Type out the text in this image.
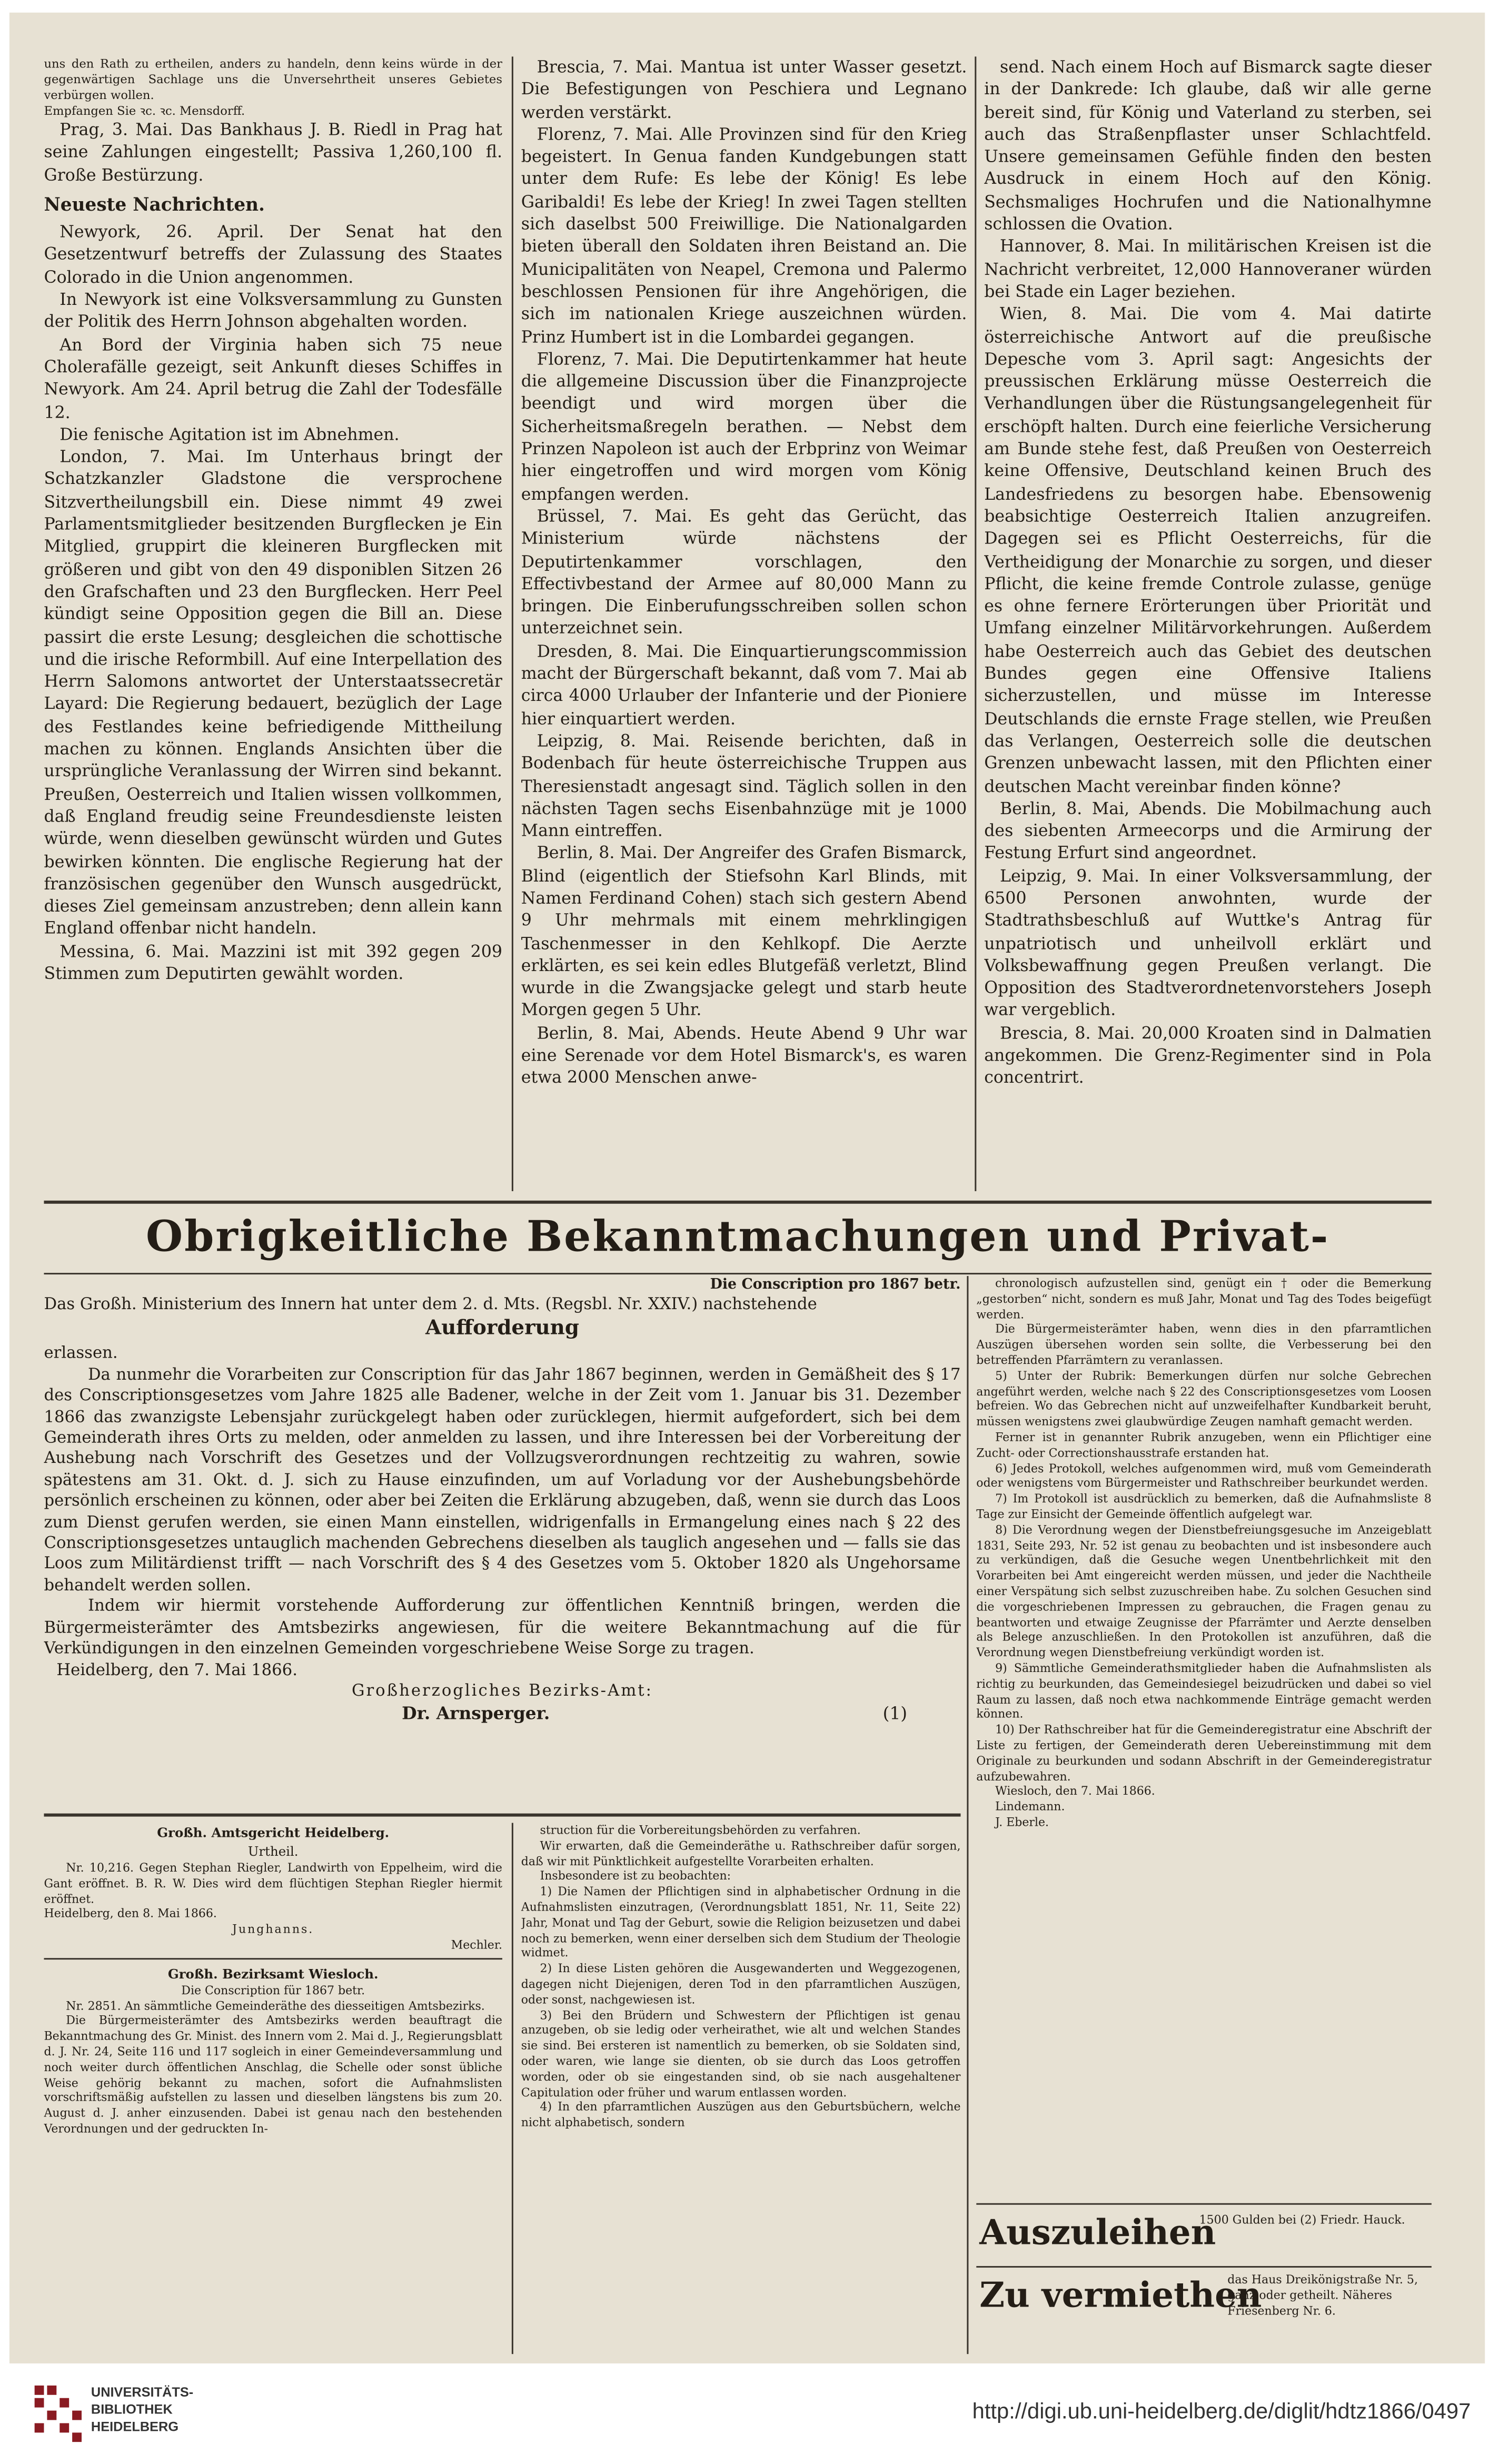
uns den Rath zu ertheilen, anders zu handeln, denn keins würde in der gegenwärtigen Sachlage uns die Unversehrtheit unseres Gebietes verbürgen wollen.

Empfangen Sie ꝛc. ꝛc. Mensdorff.

Prag, 3. Mai. Das Bankhaus J. B. Riedl in Prag hat seine Zahlungen eingestellt; Passiva 1,260,100 fl. Große Bestürzung.

Neueste Nachrichten.

Newyork, 26. April. Der Senat hat den Gesetzentwurf betreffs der Zulassung des Staates Colorado in die Union angenommen.

In Newyork ist eine Volksversammlung zu Gunsten der Politik des Herrn Johnson abgehalten worden.

An Bord der Virginia haben sich 75 neue Cholerafälle gezeigt, seit Ankunft dieses Schiffes in Newyork. Am 24. April betrug die Zahl der Todesfälle 12.

Die fenische Agitation ist im Abnehmen.

London, 7. Mai. Im Unterhaus bringt der Schatzkanzler Gladstone die versprochene Sitzvertheilungsbill ein. Diese nimmt 49 zwei Parlamentsmitglieder besitzenden Burgflecken je Ein Mitglied, gruppirt die kleineren Burgflecken mit größeren und gibt von den 49 disponiblen Sitzen 26 den Grafschaften und 23 den Burgflecken. Herr Peel kündigt seine Opposition gegen die Bill an. Diese passirt die erste Lesung; desgleichen die schottische und die irische Reformbill. Auf eine Interpellation des Herrn Salomons antwortet der Unterstaatssecretär Layard: Die Regierung bedauert, bezüglich der Lage des Festlandes keine befriedigende Mittheilung machen zu können. Englands Ansichten über die ursprüngliche Veranlassung der Wirren sind bekannt. Preußen, Oesterreich und Italien wissen vollkommen, daß England freudig seine Freundesdienste leisten würde, wenn dieselben gewünscht würden und Gutes bewirken könnten. Die englische Regierung hat der französischen gegenüber den Wunsch ausgedrückt, dieses Ziel gemeinsam anzustreben; denn allein kann England offenbar nicht handeln.

Messina, 6. Mai. Mazzini ist mit 392 gegen 209 Stimmen zum Deputirten gewählt worden.

Brescia, 7. Mai. Mantua ist unter Wasser gesetzt. Die Befestigungen von Peschiera und Legnano werden verstärkt.

Florenz, 7. Mai. Alle Provinzen sind für den Krieg begeistert. In Genua fanden Kundgebungen statt unter dem Rufe: Es lebe der König! Es lebe Garibaldi! Es lebe der Krieg! In zwei Tagen stellten sich daselbst 500 Freiwillige. Die Nationalgarden bieten überall den Soldaten ihren Beistand an. Die Municipalitäten von Neapel, Cremona und Palermo beschlossen Pensionen für ihre Angehörigen, die sich im nationalen Kriege auszeichnen würden. Prinz Humbert ist in die Lombardei gegangen.

Florenz, 7. Mai. Die Deputirtenkammer hat heute die allgemeine Discussion über die Finanzprojecte beendigt und wird morgen über die Sicherheitsmaßregeln berathen. — Nebst dem Prinzen Napoleon ist auch der Erbprinz von Weimar hier eingetroffen und wird morgen vom König empfangen werden.

Brüssel, 7. Mai. Es geht das Gerücht, das Ministerium würde nächstens der Deputirtenkammer vorschlagen, den Effectivbestand der Armee auf 80,000 Mann zu bringen. Die Einberufungsschreiben sollen schon unterzeichnet sein.

Dresden, 8. Mai. Die Einquartierungscommission macht der Bürgerschaft bekannt, daß vom 7. Mai ab circa 4000 Urlauber der Infanterie und der Pioniere hier einquartiert werden.

Leipzig, 8. Mai. Reisende berichten, daß in Bodenbach für heute österreichische Truppen aus Theresienstadt angesagt sind. Täglich sollen in den nächsten Tagen sechs Eisenbahnzüge mit je 1000 Mann eintreffen.

Berlin, 8. Mai. Der Angreifer des Grafen Bismarck, Blind (eigentlich der Stiefsohn Karl Blinds, mit Namen Ferdinand Cohen) stach sich gestern Abend 9 Uhr mehrmals mit einem mehrklingigen Taschenmesser in den Kehlkopf. Die Aerzte erklärten, es sei kein edles Blutgefäß verletzt, Blind wurde in die Zwangsjacke gelegt und starb heute Morgen gegen 5 Uhr.

Berlin, 8. Mai, Abends. Heute Abend 9 Uhr war eine Serenade vor dem Hotel Bismarck's, es waren etwa 2000 Menschen anwe-

send. Nach einem Hoch auf Bismarck sagte dieser in der Dankrede: Ich glaube, daß wir alle gerne bereit sind, für König und Vaterland zu sterben, sei auch das Straßenpflaster unser Schlachtfeld. Unsere gemeinsamen Gefühle finden den besten Ausdruck in einem Hoch auf den König. Sechsmaliges Hochrufen und die Nationalhymne schlossen die Ovation.

Hannover, 8. Mai. In militärischen Kreisen ist die Nachricht verbreitet, 12,000 Hannoveraner würden bei Stade ein Lager beziehen.

Wien, 8. Mai. Die vom 4. Mai datirte österreichische Antwort auf die preußische Depesche vom 3. April sagt: Angesichts der preussischen Erklärung müsse Oesterreich die Verhandlungen über die Rüstungsangelegenheit für erschöpft halten. Durch eine feierliche Versicherung am Bunde stehe fest, daß Preußen von Oesterreich keine Offensive, Deutschland keinen Bruch des Landesfriedens zu besorgen habe. Ebensowenig beabsichtige Oesterreich Italien anzugreifen. Dagegen sei es Pflicht Oesterreichs, für die Vertheidigung der Monarchie zu sorgen, und dieser Pflicht, die keine fremde Controle zulasse, genüge es ohne fernere Erörterungen über Priorität und Umfang einzelner Militärvorkehrungen. Außerdem habe Oesterreich auch das Gebiet des deutschen Bundes gegen eine Offensive Italiens sicherzustellen, und müsse im Interesse Deutschlands die ernste Frage stellen, wie Preußen das Verlangen, Oesterreich solle die deutschen Grenzen unbewacht lassen, mit den Pflichten einer deutschen Macht vereinbar finden könne?

Berlin, 8. Mai, Abends. Die Mobilmachung auch des siebenten Armeecorps und die Armirung der Festung Erfurt sind angeordnet.

Leipzig, 9. Mai. In einer Volksversammlung, der 6500 Personen anwohnten, wurde der Stadtrathsbeschluß auf Wuttke's Antrag für unpatriotisch und unheilvoll erklärt und Volksbewaffnung gegen Preußen verlangt. Die Opposition des Stadtverordnetenvorstehers Joseph war vergeblich.

Brescia, 8. Mai. 20,000 Kroaten sind in Dalmatien angekommen. Die Grenz-Regimenter sind in Pola concentrirt.

Obrigkeitliche Bekanntmachungen und Privat-

Die Conscription pro 1867 betr.

Das Großh. Ministerium des Innern hat unter dem 2. d. Mts. (Regsbl. Nr. XXIV.) nachstehende

Aufforderung

erlassen.

Da nunmehr die Vorarbeiten zur Conscription für das Jahr 1867 beginnen, werden in Gemäßheit des § 17 des Conscriptionsgesetzes vom Jahre 1825 alle Badener, welche in der Zeit vom 1. Januar bis 31. Dezember 1866 das zwanzigste Lebensjahr zurückgelegt haben oder zurücklegen, hiermit aufgefordert, sich bei dem Gemeinderath ihres Orts zu melden, oder anmelden zu lassen, und ihre Interessen bei der Vorbereitung der Aushebung nach Vorschrift des Gesetzes und der Vollzugsverordnungen rechtzeitig zu wahren, sowie spätestens am 31. Okt. d. J. sich zu Hause einzufinden, um auf Vorladung vor der Aushebungsbehörde persönlich erscheinen zu können, oder aber bei Zeiten die Erklärung abzugeben, daß, wenn sie durch das Loos zum Dienst gerufen werden, sie einen Mann einstellen, widrigenfalls in Ermangelung eines nach § 22 des Conscriptionsgesetzes untauglich machenden Gebrechens dieselben als tauglich angesehen und — falls sie das Loos zum Militärdienst trifft — nach Vorschrift des § 4 des Gesetzes vom 5. Oktober 1820 als Ungehorsame behandelt werden sollen.

Indem wir hiermit vorstehende Aufforderung zur öffentlichen Kenntniß bringen, werden die Bürgermeisterämter des Amtsbezirks angewiesen, für die weitere Bekanntmachung auf die für Verkündigungen in den einzelnen Gemeinden vorgeschriebene Weise Sorge zu tragen.

Heidelberg, den 7. Mai 1866.

Großherzogliches Bezirks-Amt:

Dr. Arnsperger.	(1)

chronologisch aufzustellen sind, genügt ein † oder die Bemerkung „gestorben“ nicht, sondern es muß Jahr, Monat und Tag des Todes beigefügt werden.

Die Bürgermeisterämter haben, wenn dies in den pfarramtlichen Auszügen übersehen worden sein sollte, die Verbesserung bei den betreffenden Pfarrämtern zu veranlassen.

5) Unter der Rubrik: Bemerkungen dürfen nur solche Gebrechen angeführt werden, welche nach § 22 des Conscriptionsgesetzes vom Loosen befreien. Wo das Gebrechen nicht auf unzweifelhafter Kundbarkeit beruht, müssen wenigstens zwei glaubwürdige Zeugen namhaft gemacht werden.

Ferner ist in genannter Rubrik anzugeben, wenn ein Pflichtiger eine Zucht- oder Correctionshausstrafe erstanden hat.

6) Jedes Protokoll, welches aufgenommen wird, muß vom Gemeinderath oder wenigstens vom Bürgermeister und Rathschreiber beurkundet werden.

7) Im Protokoll ist ausdrücklich zu bemerken, daß die Aufnahmsliste 8 Tage zur Einsicht der Gemeinde öffentlich aufgelegt war.

8) Die Verordnung wegen der Dienstbefreiungsgesuche im Anzeigeblatt 1831, Seite 293, Nr. 52 ist genau zu beobachten und ist insbesondere auch zu verkündigen, daß die Gesuche wegen Unentbehrlichkeit mit den Vorarbeiten bei Amt eingereicht werden müssen, und jeder die Nachtheile einer Verspätung sich selbst zuzuschreiben habe. Zu solchen Gesuchen sind die vorgeschriebenen Impressen zu gebrauchen, die Fragen genau zu beantworten und etwaige Zeugnisse der Pfarrämter und Aerzte denselben als Belege anzuschließen. In den Protokollen ist anzuführen, daß die Verordnung wegen Dienstbefreiung verkündigt worden ist.

9) Sämmtliche Gemeinderathsmitglieder haben die Aufnahmslisten als richtig zu beurkunden, das Gemeindesiegel beizudrücken und dabei so viel Raum zu lassen, daß noch etwa nachkommende Einträge gemacht werden können.

10) Der Rathschreiber hat für die Gemeinderegistratur eine Abschrift der Liste zu fertigen, der Gemeinderath deren Uebereinstimmung mit dem Originale zu beurkunden und sodann Abschrift in der Gemeinderegistratur aufzubewahren.

Wiesloch, den 7. Mai 1866.

Lindemann.

J. Eberle.

Großh. Amtsgericht Heidelberg.

Urtheil.

Nr. 10,216. Gegen Stephan Riegler, Landwirth von Eppelheim, wird die Gant eröffnet. B. R. W. Dies wird dem flüchtigen Stephan Riegler hiermit eröffnet.

Heidelberg, den 8. Mai 1866.

Junghanns.

Mechler.

Großh. Bezirksamt Wiesloch.

Die Conscription für 1867 betr.

Nr. 2851. An sämmtliche Gemeinderäthe des diesseitigen Amtsbezirks.

Die Bürgermeisterämter des Amtsbezirks werden beauftragt die Bekanntmachung des Gr. Minist. des Innern vom 2. Mai d. J., Regierungsblatt d. J. Nr. 24, Seite 116 und 117 sogleich in einer Gemeindeversammlung und noch weiter durch öffentlichen Anschlag, die Schelle oder sonst übliche Weise gehörig bekannt zu machen, sofort die Aufnahmslisten vorschriftsmäßig aufstellen zu lassen und dieselben längstens bis zum 20. August d. J. anher einzusenden. Dabei ist genau nach den bestehenden Verordnungen und der gedruckten In-

struction für die Vorbereitungsbehörden zu verfahren.

Wir erwarten, daß die Gemeinderäthe u. Rathschreiber dafür sorgen, daß wir mit Pünktlichkeit aufgestellte Vorarbeiten erhalten.

Insbesondere ist zu beobachten:

1) Die Namen der Pflichtigen sind in alphabetischer Ordnung in die Aufnahmslisten einzutragen, (Verordnungsblatt 1851, Nr. 11, Seite 22) Jahr, Monat und Tag der Geburt, sowie die Religion beizusetzen und dabei noch zu bemerken, wenn einer derselben sich dem Studium der Theologie widmet.

2) In diese Listen gehören die Ausgewanderten und Weggezogenen, dagegen nicht Diejenigen, deren Tod in den pfarramtlichen Auszügen, oder sonst, nachgewiesen ist.

3) Bei den Brüdern und Schwestern der Pflichtigen ist genau anzugeben, ob sie ledig oder verheirathet, wie alt und welchen Standes sie sind. Bei ersteren ist namentlich zu bemerken, ob sie Soldaten sind, oder waren, wie lange sie dienten, ob sie durch das Loos getroffen worden, oder ob sie eingestanden sind, ob sie nach ausgehaltener Capitulation oder früher und warum entlassen worden.

4) In den pfarramtlichen Auszügen aus den Geburtsbüchern, welche nicht alphabetisch, sondern

Auszuleihen
1500 Gulden bei (2) Friedr. Hauck.
Zu vermiethen
das Haus Dreikönigstraße Nr. 5, ganz oder getheilt. Näheres Friesenberg Nr. 6.
UNIVERSITÄTS-
BIBLIOTHEK
HEIDELBERG
http://digi.ub.uni-heidelberg.de/diglit/hdtz1866/0497
